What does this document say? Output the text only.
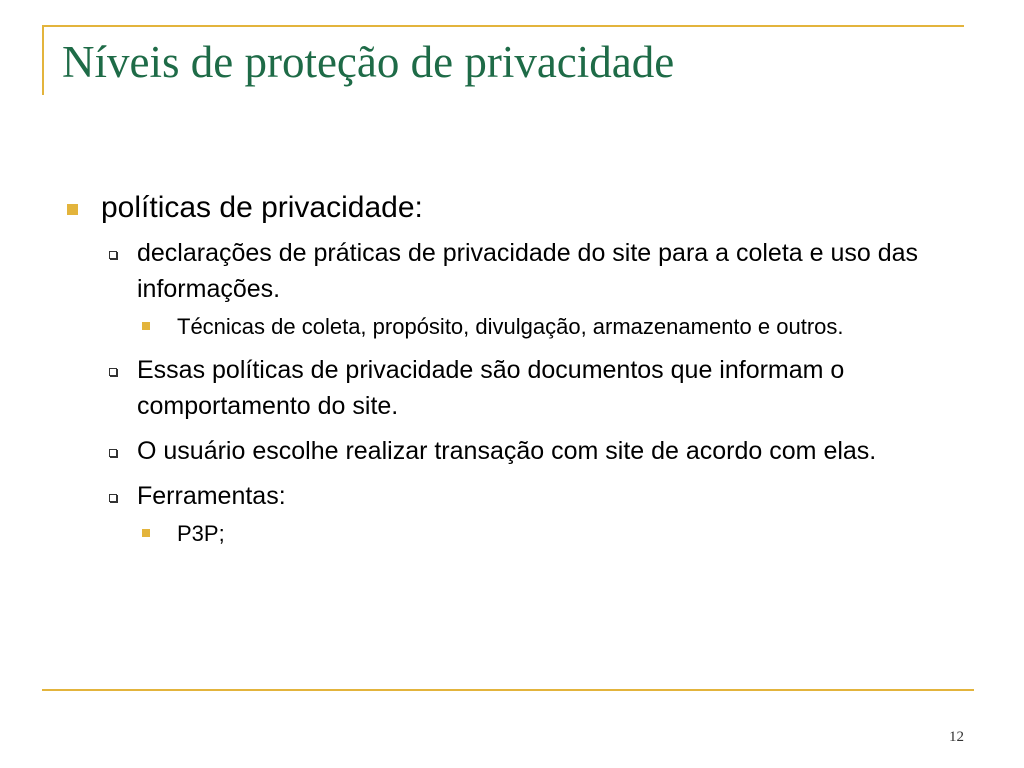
Níveis de proteção de privacidade
políticas de privacidade:
declarações de práticas de privacidade do site para a coleta e uso das informações.
Técnicas de coleta, propósito, divulgação, armazenamento e outros.
Essas políticas de privacidade são documentos que informam o comportamento do site.
O usuário escolhe realizar transação com site de acordo com elas.
Ferramentas:
P3P;
12
